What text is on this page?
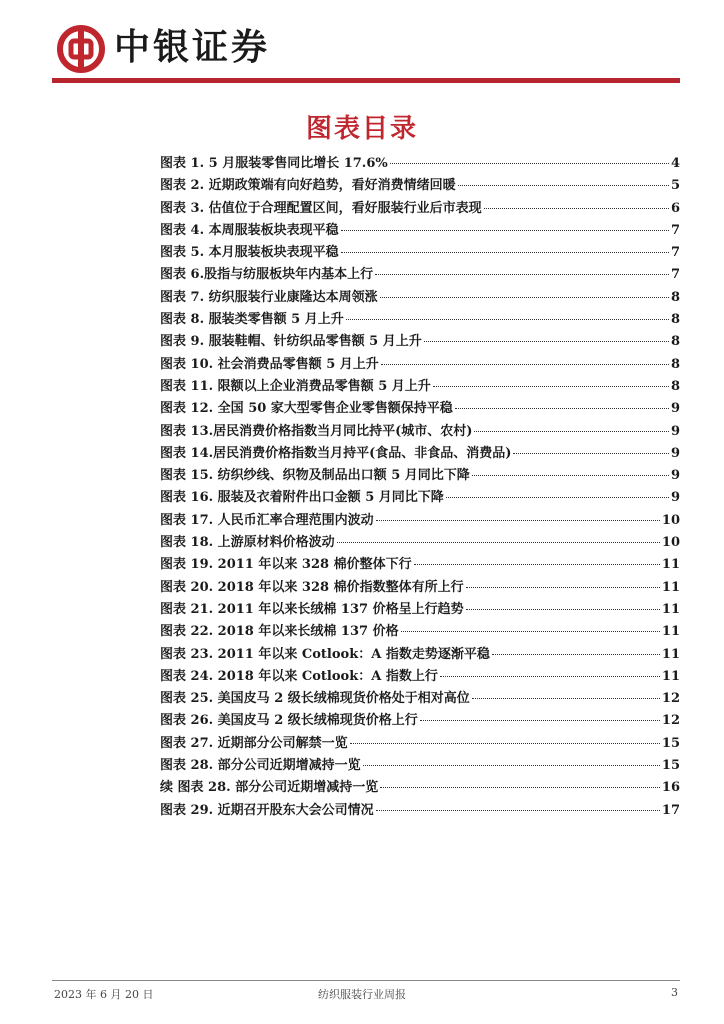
中银证券
图表目录
图表 1. 5 月服装零售同比增长 17.6%	4
图表 2. 近期政策端有向好趋势，看好消费情绪回暖	5
图表 3. 估值位于合理配置区间，看好服装行业后市表现	6
图表 4. 本周服装板块表现平稳	7
图表 5. 本月服装板块表现平稳	7
图表 6.股指与纺服板块年内基本上行	7
图表 7. 纺织服装行业康隆达本周领涨	8
图表 8. 服装类零售额 5 月上升	8
图表 9. 服装鞋帽、针纺织品零售额 5 月上升	8
图表 10. 社会消费品零售额 5 月上升	8
图表 11. 限额以上企业消费品零售额 5 月上升	8
图表 12. 全国 50 家大型零售企业零售额保持平稳	9
图表 13.居民消费价格指数当月同比持平(城市、农村)	9
图表 14.居民消费价格指数当月持平(食品、非食品、消费品)	9
图表 15. 纺织纱线、织物及制品出口额 5 月同比下降	9
图表 16. 服装及衣着附件出口金额 5 月同比下降	9
图表 17. 人民币汇率合理范围内波动	10
图表 18. 上游原材料价格波动	10
图表 19. 2011 年以来 328 棉价整体下行	11
图表 20. 2018 年以来 328 棉价指数整体有所上行	11
图表 21. 2011 年以来长绒棉 137 价格呈上行趋势	11
图表 22. 2018 年以来长绒棉 137 价格	11
图表 23. 2011 年以来 Cotlook：A 指数走势逐渐平稳	11
图表 24. 2018 年以来 Cotlook：A 指数上行	11
图表 25. 美国皮马 2 级长绒棉现货价格处于相对高位	12
图表 26. 美国皮马 2 级长绒棉现货价格上行	12
图表 27. 近期部分公司解禁一览	15
图表 28. 部分公司近期增减持一览	15
续 图表 28. 部分公司近期增减持一览	16
图表 29. 近期召开股东大会公司情况	17
2023 年 6 月 20 日	纺织服装行业周报	3
